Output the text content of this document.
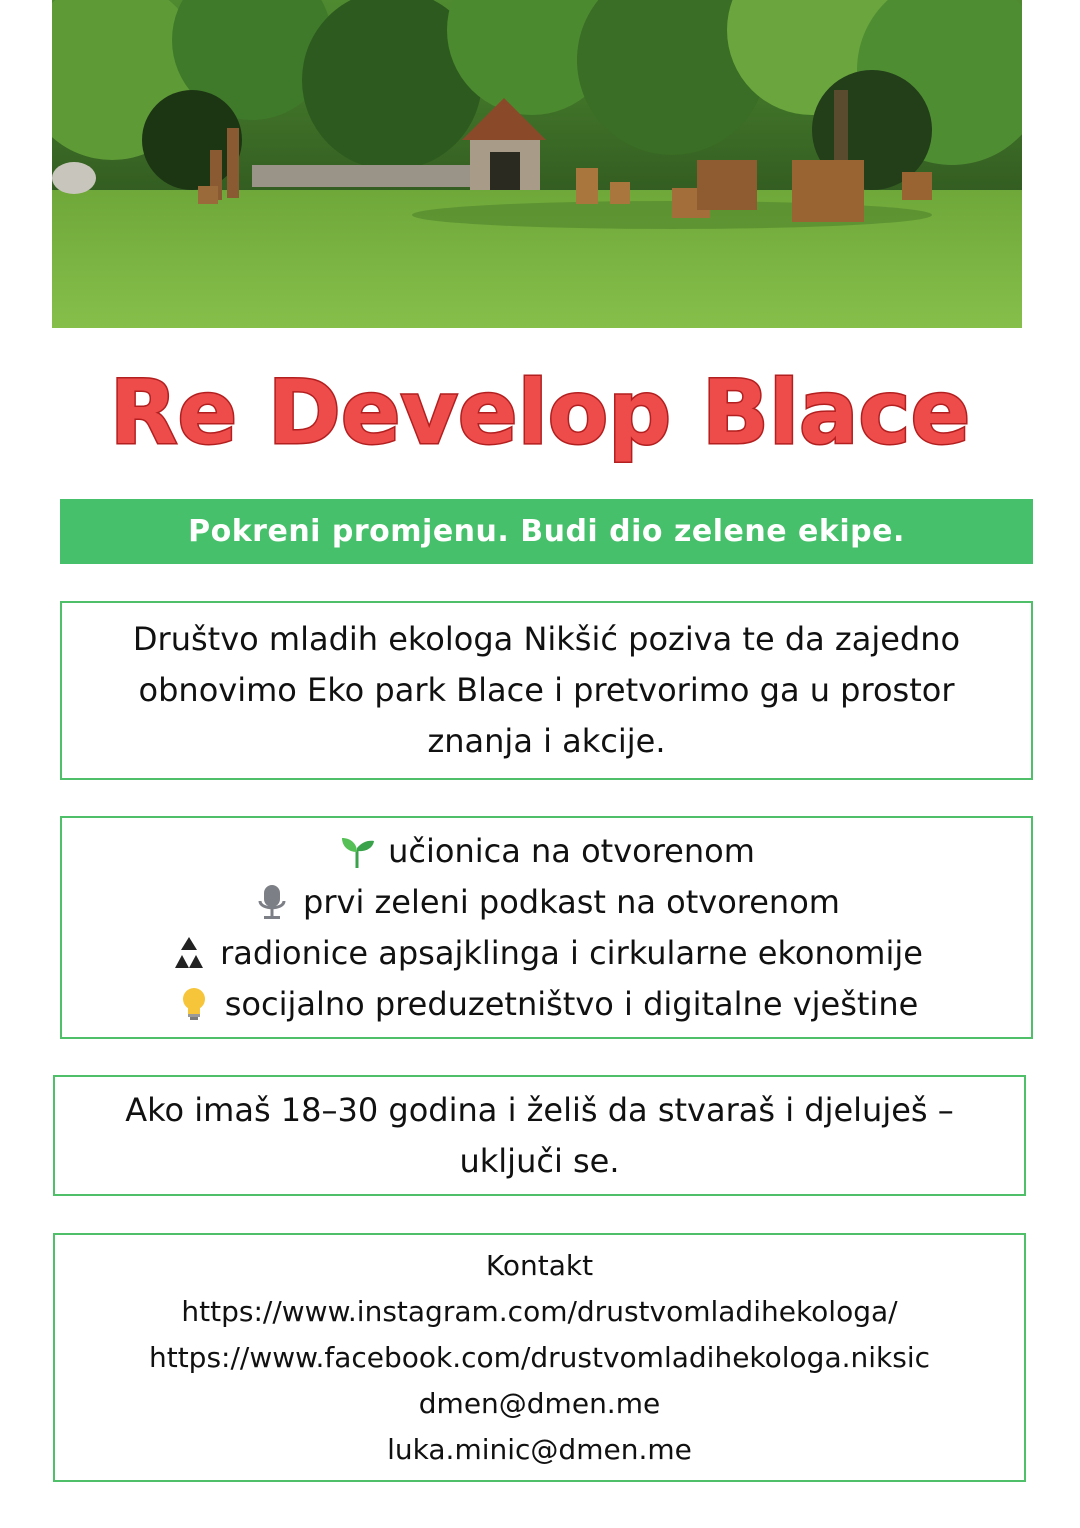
Re Develop Blace
Pokreni promjenu. Budi dio zelene ekipe.
Društvo mladih ekologa Nikšić poziva te da zajedno obnovimo Eko park Blace i pretvorimo ga u prostor znanja i akcije.
učionica na otvorenom
prvi zeleni podkast na otvorenom
radionice apsajklinga i cirkularne ekonomije
socijalno preduzetništvo i digitalne vještine
Ako imaš 18–30 godina i želiš da stvaraš i djeluješ – uključi se.
Kontakt
https://www.instagram.com/drustvomladihekologa/
https://www.facebook.com/drustvomladihekologa.niksic
dmen@dmen.me
luka.minic@dmen.me
